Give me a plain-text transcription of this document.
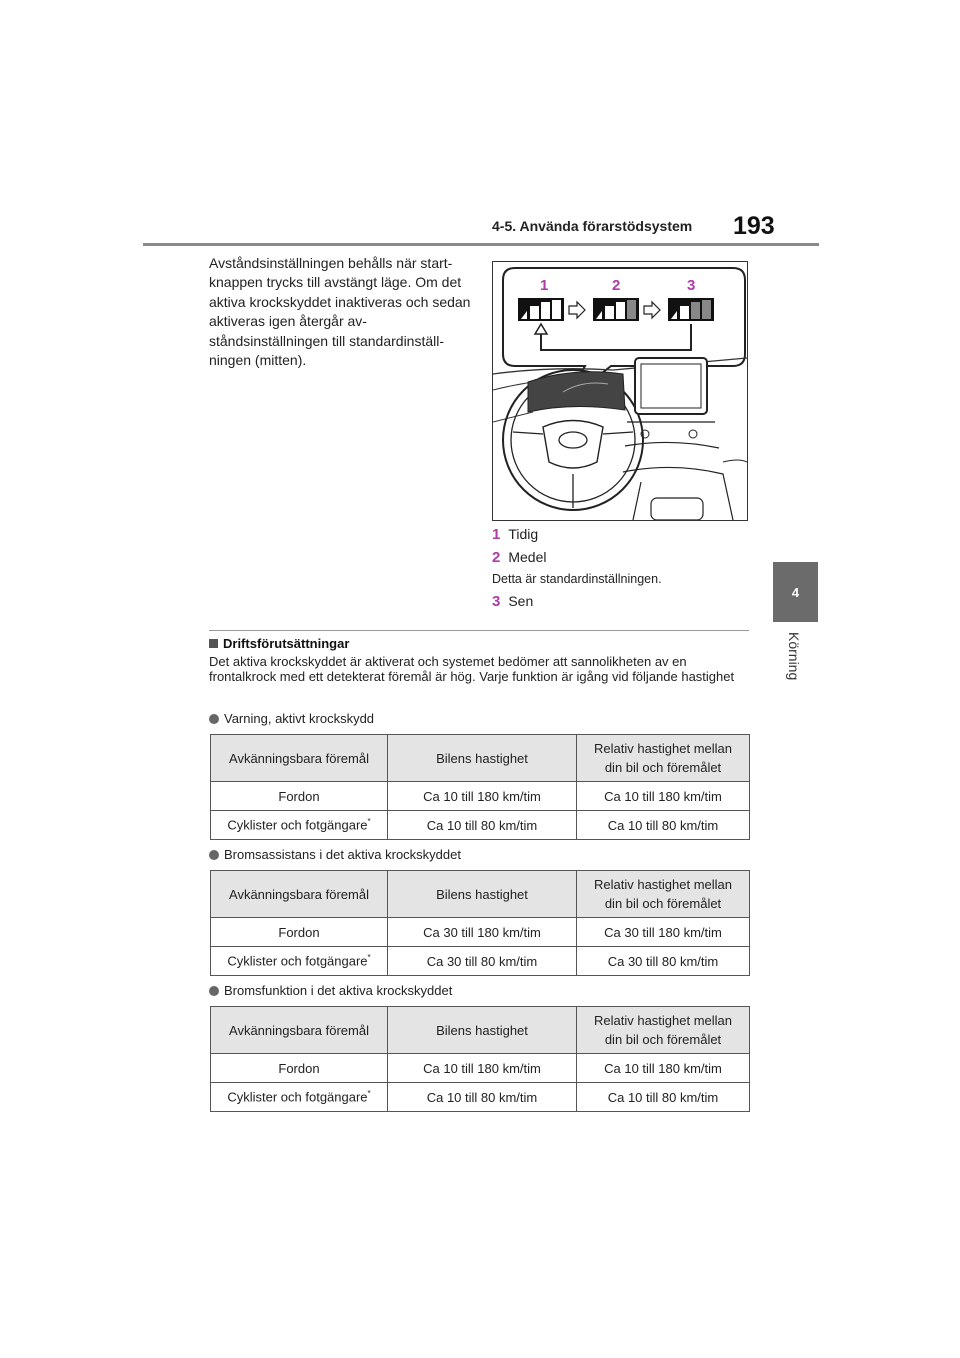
4-5. Använda förarstödsystem 193
4
Körning
Avståndsinställningen behålls när start-knappen trycks till avstängt läge. Om det aktiva krockskyddet inaktiveras och sedan aktiveras igen återgår av-ståndsinställningen till standardinställ-ningen (mitten).
1	2	3
1 Tidig
2 Medel
Detta är standardinställningen.
3 Sen
Driftsförutsättningar
Det aktiva krockskyddet är aktiverat och systemet bedömer att sannolikheten av en frontalkrock med ett detekterat föremål är hög. Varje funktion är igång vid följande hastighet
Varning, aktivt krockskydd
Avkänningsbara föremål	Bilens hastighet	Relativ hastighet mellan
din bil och föremålet
Fordon	Ca 10 till 180 km/tim	Ca 10 till 180 km/tim
Cyklister och fotgängare*	Ca 10 till 80 km/tim	Ca 10 till 80 km/tim
Bromsassistans i det aktiva krockskyddet
Avkänningsbara föremål	Bilens hastighet	Relativ hastighet mellan
din bil och föremålet
Fordon	Ca 30 till 180 km/tim	Ca 30 till 180 km/tim
Cyklister och fotgängare*	Ca 30 till 80 km/tim	Ca 30 till 80 km/tim
Bromsfunktion i det aktiva krockskyddet
Avkänningsbara föremål	Bilens hastighet	Relativ hastighet mellan
din bil och föremålet
Fordon	Ca 10 till 180 km/tim	Ca 10 till 180 km/tim
Cyklister och fotgängare*	Ca 10 till 80 km/tim	Ca 10 till 80 km/tim
